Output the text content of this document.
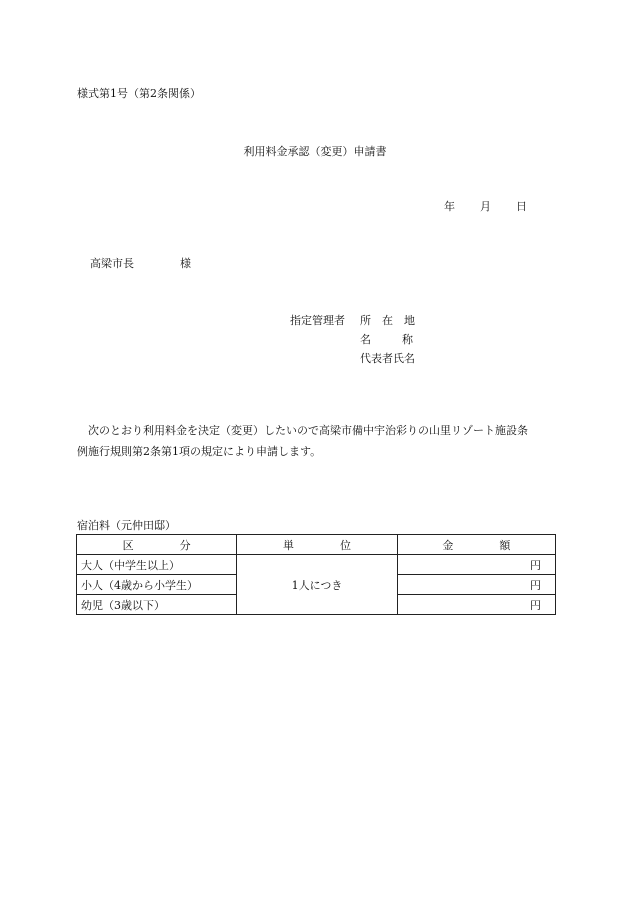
様式第1号（第2条関係）
利用料金承認（変更）申請書
年 月 日
高梁市長	様
指定管理者 所在地
名称
代表者氏名
次のとおり利用料金を決定（変更）したいので高梁市備中宇治彩りの山里リゾート施設条
例施行規則第2条第1項の規定により申請します。
宿泊料（元仲田邸）
区分	単位	金額
大人（中学生以上）	1人につき	円
小人（4歳から小学生）		円
幼児（3歳以下）		円
